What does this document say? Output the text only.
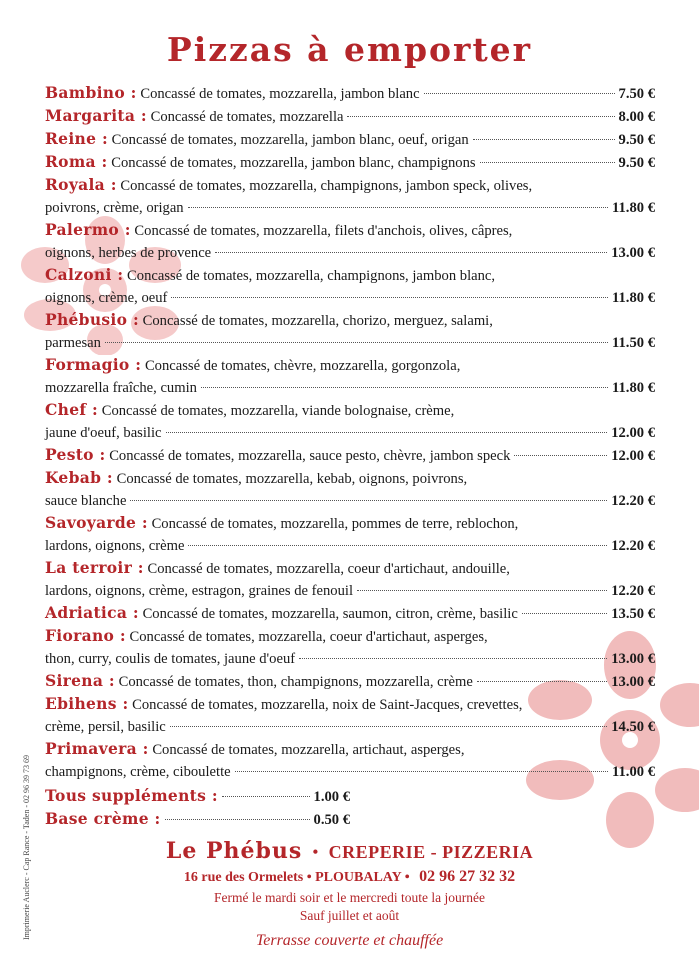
Pizzas à emporter
Bambino :
Concassé de tomates, mozzarella, jambon blanc	7.50 €
Margarita :
Concassé de tomates, mozzarella	8.00 €
Reine :
Concassé de tomates, mozzarella, jambon blanc, oeuf, origan	9.50 €
Roma :
Concassé de tomates, mozzarella, jambon blanc, champignons	9.50 €
Royala :
Concassé de tomates, mozzarella, champignons, jambon speck, olives,
poivrons, crème, origan	11.80 €
Palermo :
Concassé de tomates, mozzarella, filets d'anchois, olives, câpres,
oignons, herbes de provence	13.00 €
Calzoni :
Concassé de tomates, mozzarella, champignons, jambon blanc,
oignons, crème, oeuf	11.80 €
Phébusio :
Concassé de tomates, mozzarella, chorizo, merguez, salami,
parmesan	11.50 €
Formagio :
Concassé de tomates, chèvre, mozzarella, gorgonzola,
mozzarella fraîche, cumin	11.80 €
Chef :
Concassé de tomates, mozzarella, viande bolognaise, crème,
jaune d'oeuf, basilic	12.00 €
Pesto :
Concassé de tomates, mozzarella, sauce pesto, chèvre, jambon speck	12.00 €
Kebab :
Concassé de tomates, mozzarella, kebab, oignons, poivrons,
sauce blanche	12.20 €
Savoyarde :
Concassé de tomates, mozzarella, pommes de terre, reblochon,
lardons, oignons, crème	12.20 €
La terroir :
Concassé de tomates, mozzarella, coeur d'artichaut, andouille,
lardons, oignons, crème, estragon, graines de fenouil	12.20 €
Adriatica :
Concassé de tomates, mozzarella, saumon, citron, crème, basilic	13.50 €
Fiorano :
Concassé de tomates, mozzarella, coeur d'artichaut, asperges,
thon, curry, coulis de tomates, jaune d'oeuf	13.00 €
Sirena :
Concassé de tomates, thon, champignons, mozzarella, crème	13.00 €
Ebihens :
Concassé de tomates, mozzarella, noix de Saint-Jacques, crevettes,
crème, persil, basilic	14.50 €
Primavera :
Concassé de tomates, mozzarella, artichaut, asperges,
champignons, crème, ciboulette	11.00 €
Tous suppléments :	1.00 €
Base crème :	0.50 €
Le Phébus • CREPERIE - PIZZERIA
16 rue des Ormelets • PLOUBALAY • 02 96 27 32 32
Fermé le mardi soir et le mercredi toute la journée
Sauf juillet et août
Terrasse couverte et chauffée
Imprimerie Auclerc - Cap Rance - Taden - 02 96 39 73 69
